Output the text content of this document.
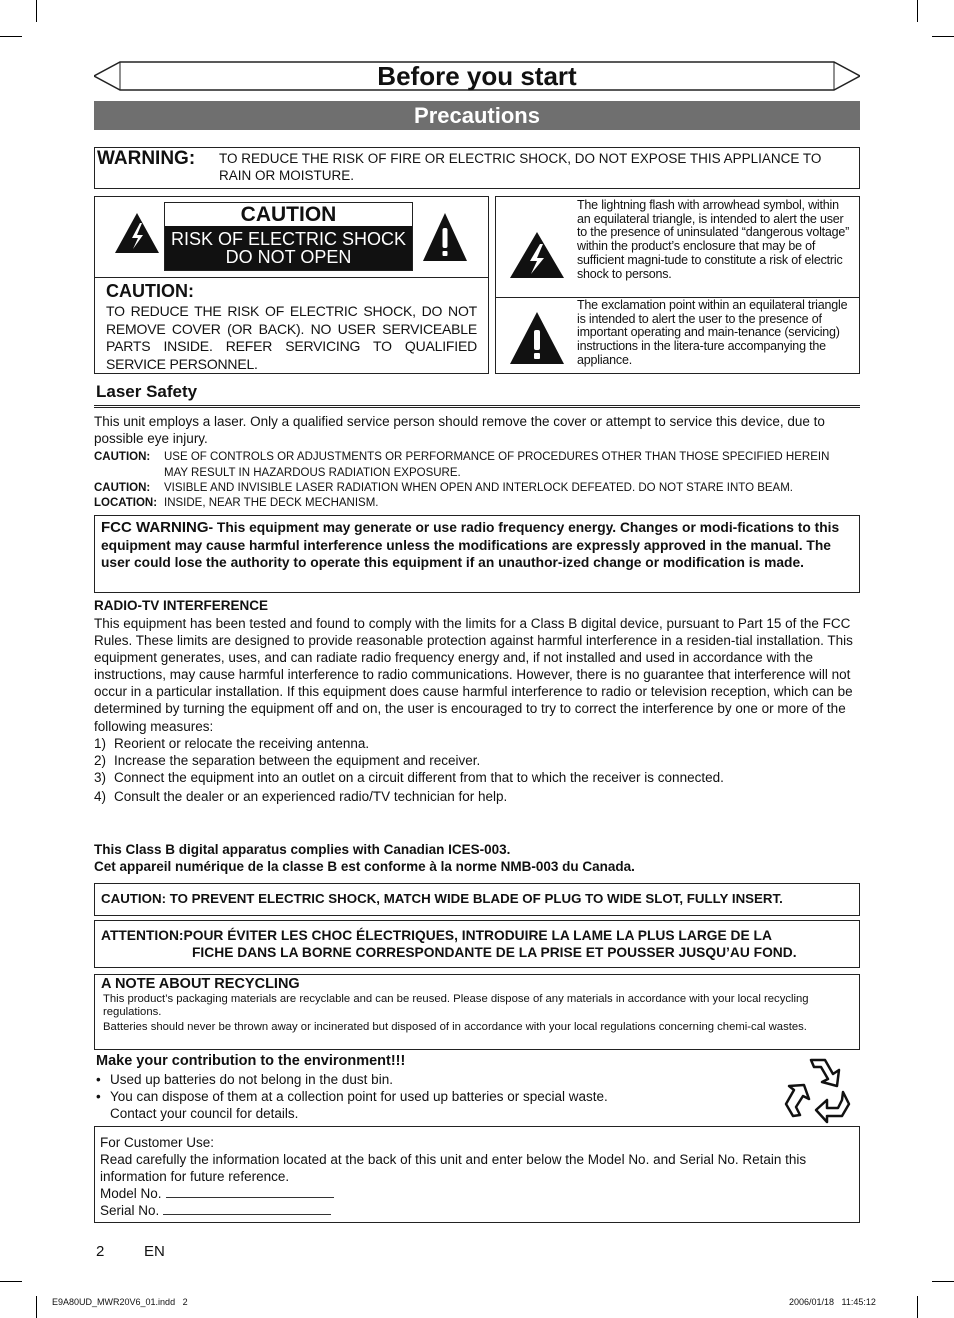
Before you start
Precautions
WARNING: TO REDUCE THE RISK OF FIRE OR ELECTRIC SHOCK, DO NOT EXPOSE THIS APPLIANCE TO RAIN OR MOISTURE.
CAUTION
RISK OF ELECTRIC SHOCK
DO NOT OPEN
CAUTION:
TO REDUCE THE RISK OF ELECTRIC SHOCK, DO NOT REMOVE COVER (OR BACK). NO USER SERVICEABLE PARTS INSIDE. REFER SERVICING TO QUALIFIED SERVICE PERSONNEL.
The lightning flash with arrowhead symbol, within an equilateral triangle, is intended to alert the user to the presence of uninsulated “dangerous voltage” within the product’s enclosure that may be of sufficient magni-tude to constitute a risk of electric shock to persons.
The exclamation point within an equilateral triangle is intended to alert the user to the presence of important operating and main-tenance (servicing) instructions in the litera-ture accompanying the appliance.
Laser Safety
This unit employs a laser. Only a qualified service person should remove the cover or attempt to service this device, due to possible eye injury.
CAUTION: USE OF CONTROLS OR ADJUSTMENTS OR PERFORMANCE OF PROCEDURES OTHER THAN THOSE SPECIFIED HEREIN MAY RESULT IN HAZARDOUS RADIATION EXPOSURE.
CAUTION: VISIBLE AND INVISIBLE LASER RADIATION WHEN OPEN AND INTERLOCK DEFEATED. DO NOT STARE INTO BEAM.
LOCATION: INSIDE, NEAR THE DECK MECHANISM.
FCC WARNING- This equipment may generate or use radio frequency energy. Changes or modi-fications to this equipment may cause harmful interference unless the modifications are expressly approved in the manual. The user could lose the authority to operate this equipment if an unauthor-ized change or modification is made.
RADIO-TV INTERFERENCE
This equipment has been tested and found to comply with the limits for a Class B digital device, pursuant to Part 15 of the FCC Rules. These limits are designed to provide reasonable protection against harmful interference in a residen-tial installation. This equipment generates, uses, and can radiate radio frequency energy and, if not installed and used in accordance with the instructions, may cause harmful interference to radio communications. However, there is no guarantee that interference will not occur in a particular installation. If this equipment does cause harmful interference to radio or television reception, which can be determined by turning the equipment off and on, the user is encouraged to try to correct the interference by one or more of the following measures:
1) Reorient or relocate the receiving antenna.
2) Increase the separation between the equipment and receiver.
3) Connect the equipment into an outlet on a circuit different from that to which the receiver is connected.
4) Consult the dealer or an experienced radio/TV technician for help.
This Class B digital apparatus complies with Canadian ICES-003.
Cet appareil numérique de la classe B est conforme à la norme NMB-003 du Canada.
CAUTION: TO PREVENT ELECTRIC SHOCK, MATCH WIDE BLADE OF PLUG TO WIDE SLOT, FULLY INSERT.
ATTENTION:POUR ÉVITER LES CHOC ÉLECTRIQUES, INTRODUIRE LA LAME LA PLUS LARGE DE LA
FICHE DANS LA BORNE CORRESPONDANTE DE LA PRISE ET POUSSER JUSQU’AU FOND.
A NOTE ABOUT RECYCLING
This product’s packaging materials are recyclable and can be reused. Please dispose of any materials in accordance with your local recycling regulations.
Batteries should never be thrown away or incinerated but disposed of in accordance with your local regulations concerning chemi-cal wastes.
Make your contribution to the environment!!!
• Used up batteries do not belong in the dust bin.
• You can dispose of them at a collection point for used up batteries or special waste.
Contact your council for details.
For Customer Use:
Read carefully the information located at the back of this unit and enter below the Model No. and Serial No. Retain this information for future reference.
Model No.
Serial No.
2	EN
E9A80UD_MWR20V6_01.indd   2	2006/01/18   11:45:12
